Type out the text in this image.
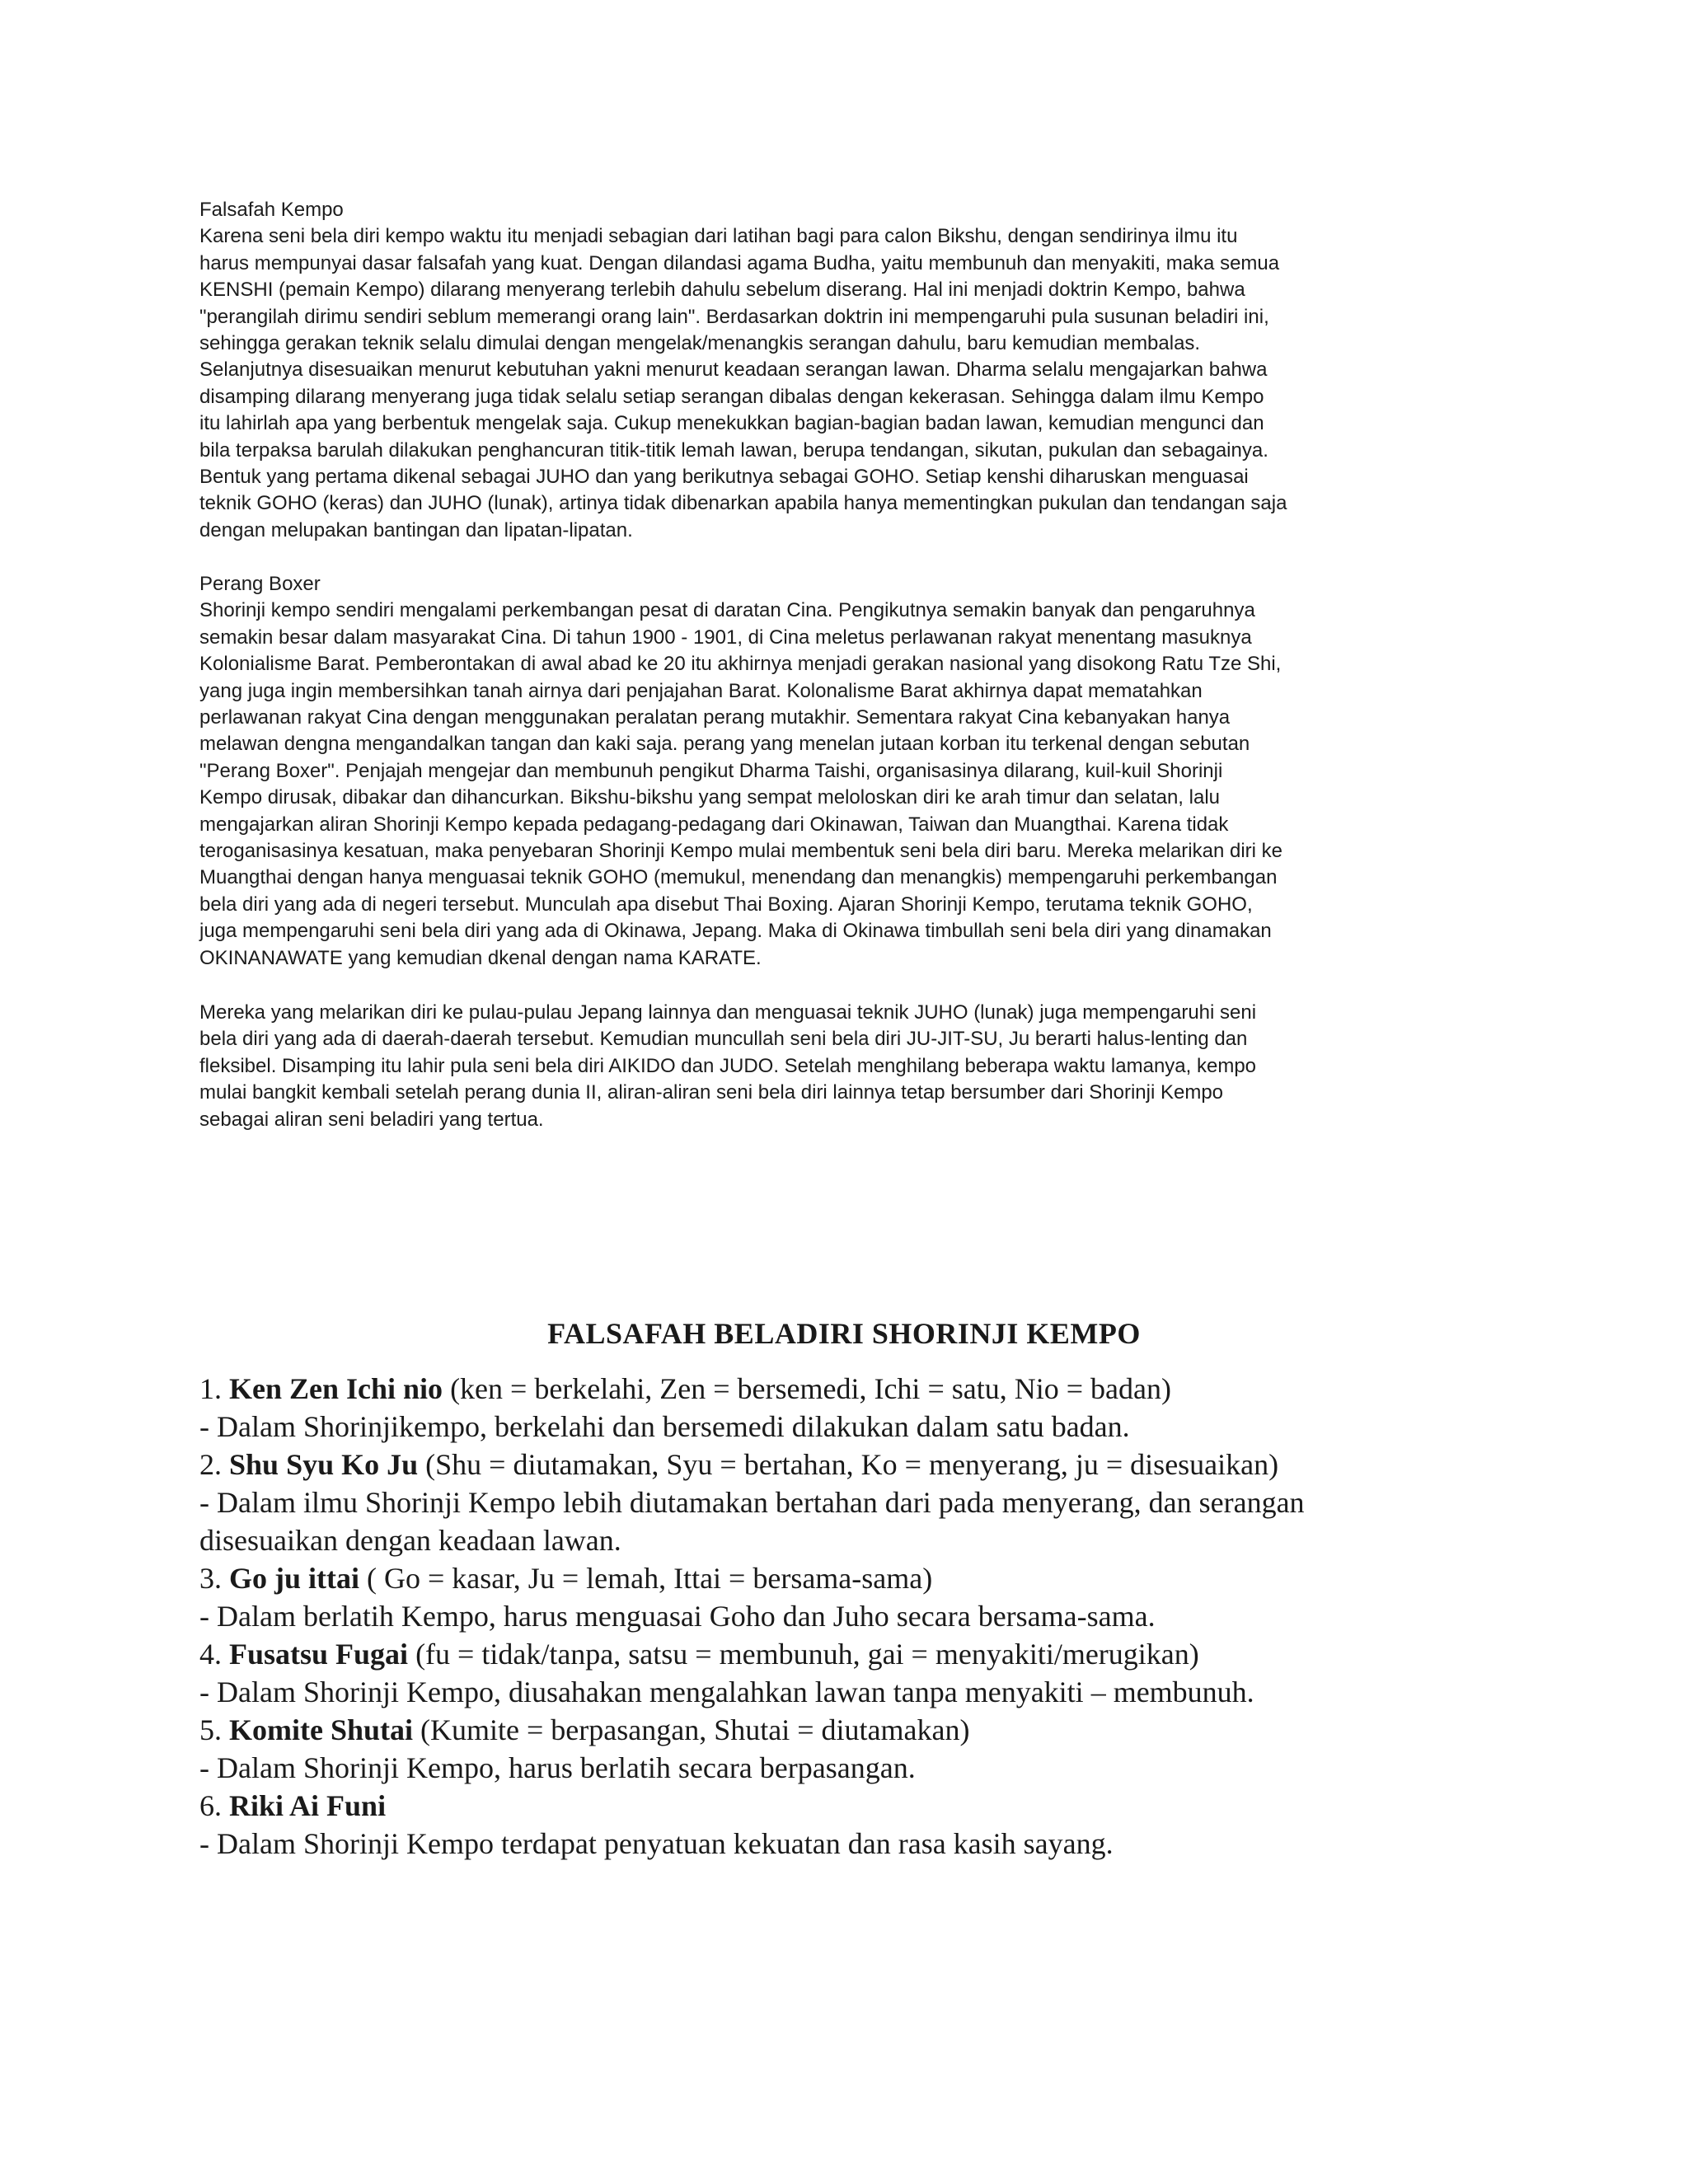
Falsafah Kempo
Karena seni bela diri kempo waktu itu menjadi sebagian dari latihan bagi para calon Bikshu, dengan sendirinya ilmu itu
harus mempunyai dasar falsafah yang kuat. Dengan dilandasi agama Budha, yaitu membunuh dan menyakiti, maka semua
KENSHI (pemain Kempo) dilarang menyerang terlebih dahulu sebelum diserang. Hal ini menjadi doktrin Kempo, bahwa
"perangilah dirimu sendiri seblum memerangi orang lain". Berdasarkan doktrin ini mempengaruhi pula susunan beladiri ini,
sehingga gerakan teknik selalu dimulai dengan mengelak/menangkis serangan dahulu, baru kemudian membalas.
Selanjutnya disesuaikan menurut kebutuhan yakni menurut keadaan serangan lawan. Dharma selalu mengajarkan bahwa
disamping dilarang menyerang juga tidak selalu setiap serangan dibalas dengan kekerasan. Sehingga dalam ilmu Kempo
itu lahirlah apa yang berbentuk mengelak saja. Cukup menekukkan bagian-bagian badan lawan, kemudian mengunci dan
bila terpaksa barulah dilakukan penghancuran titik-titik lemah lawan, berupa tendangan, sikutan, pukulan dan sebagainya.
Bentuk yang pertama dikenal sebagai JUHO dan yang berikutnya sebagai GOHO. Setiap kenshi diharuskan menguasai
teknik GOHO (keras) dan JUHO (lunak), artinya tidak dibenarkan apabila hanya mementingkan pukulan dan tendangan saja
dengan melupakan bantingan dan lipatan-lipatan.
Perang Boxer
Shorinji kempo sendiri mengalami perkembangan pesat di daratan Cina. Pengikutnya semakin banyak dan pengaruhnya
semakin besar dalam masyarakat Cina. Di tahun 1900 - 1901, di Cina meletus perlawanan rakyat menentang masuknya
Kolonialisme Barat. Pemberontakan di awal abad ke 20 itu akhirnya menjadi gerakan nasional yang disokong Ratu Tze Shi,
yang juga ingin membersihkan tanah airnya dari penjajahan Barat. Kolonalisme Barat akhirnya dapat mematahkan
perlawanan rakyat Cina dengan menggunakan peralatan perang mutakhir. Sementara rakyat Cina kebanyakan hanya
melawan dengna mengandalkan tangan dan kaki saja. perang yang menelan jutaan korban itu terkenal dengan sebutan
"Perang Boxer". Penjajah mengejar dan membunuh pengikut Dharma Taishi, organisasinya dilarang, kuil-kuil Shorinji
Kempo dirusak, dibakar dan dihancurkan. Bikshu-bikshu yang sempat meloloskan diri ke arah timur dan selatan, lalu
mengajarkan aliran Shorinji Kempo kepada pedagang-pedagang dari Okinawan, Taiwan dan Muangthai. Karena tidak
teroganisasinya kesatuan, maka penyebaran Shorinji Kempo mulai membentuk seni bela diri baru. Mereka melarikan diri ke
Muangthai dengan hanya menguasai teknik GOHO (memukul, menendang dan menangkis) mempengaruhi perkembangan
bela diri yang ada di negeri tersebut. Munculah apa disebut Thai Boxing. Ajaran Shorinji Kempo, terutama teknik GOHO,
juga mempengaruhi seni bela diri yang ada di Okinawa, Jepang. Maka di Okinawa timbullah seni bela diri yang dinamakan
OKINANAWATE yang kemudian dkenal dengan nama KARATE.
Mereka yang melarikan diri ke pulau-pulau Jepang lainnya dan menguasai teknik JUHO (lunak) juga mempengaruhi seni
bela diri yang ada di daerah-daerah tersebut. Kemudian muncullah seni bela diri JU-JIT-SU, Ju berarti halus-lenting dan
fleksibel. Disamping itu lahir pula seni bela diri AIKIDO dan JUDO. Setelah menghilang beberapa waktu lamanya, kempo
mulai bangkit kembali setelah perang dunia II, aliran-aliran seni bela diri lainnya tetap bersumber dari Shorinji Kempo
sebagai aliran seni beladiri yang tertua.
FALSAFAH BELADIRI SHORINJI KEMPO
1. Ken Zen Ichi nio (ken = berkelahi, Zen = bersemedi, Ichi = satu, Nio = badan)
- Dalam Shorinjikempo, berkelahi dan bersemedi dilakukan dalam satu badan.
2. Shu Syu Ko Ju (Shu = diutamakan, Syu = bertahan, Ko = menyerang, ju = disesuaikan)
- Dalam ilmu Shorinji Kempo lebih diutamakan bertahan dari pada menyerang, dan serangan
disesuaikan dengan keadaan lawan.
3. Go ju ittai ( Go = kasar, Ju = lemah, Ittai = bersama-sama)
- Dalam berlatih Kempo, harus menguasai Goho dan Juho secara bersama-sama.
4. Fusatsu Fugai (fu = tidak/tanpa, satsu = membunuh, gai = menyakiti/merugikan)
- Dalam Shorinji Kempo, diusahakan mengalahkan lawan tanpa menyakiti – membunuh.
5. Komite Shutai (Kumite = berpasangan, Shutai = diutamakan)
- Dalam Shorinji Kempo, harus berlatih secara berpasangan.
6. Riki Ai Funi
- Dalam Shorinji Kempo terdapat penyatuan kekuatan dan rasa kasih sayang.
